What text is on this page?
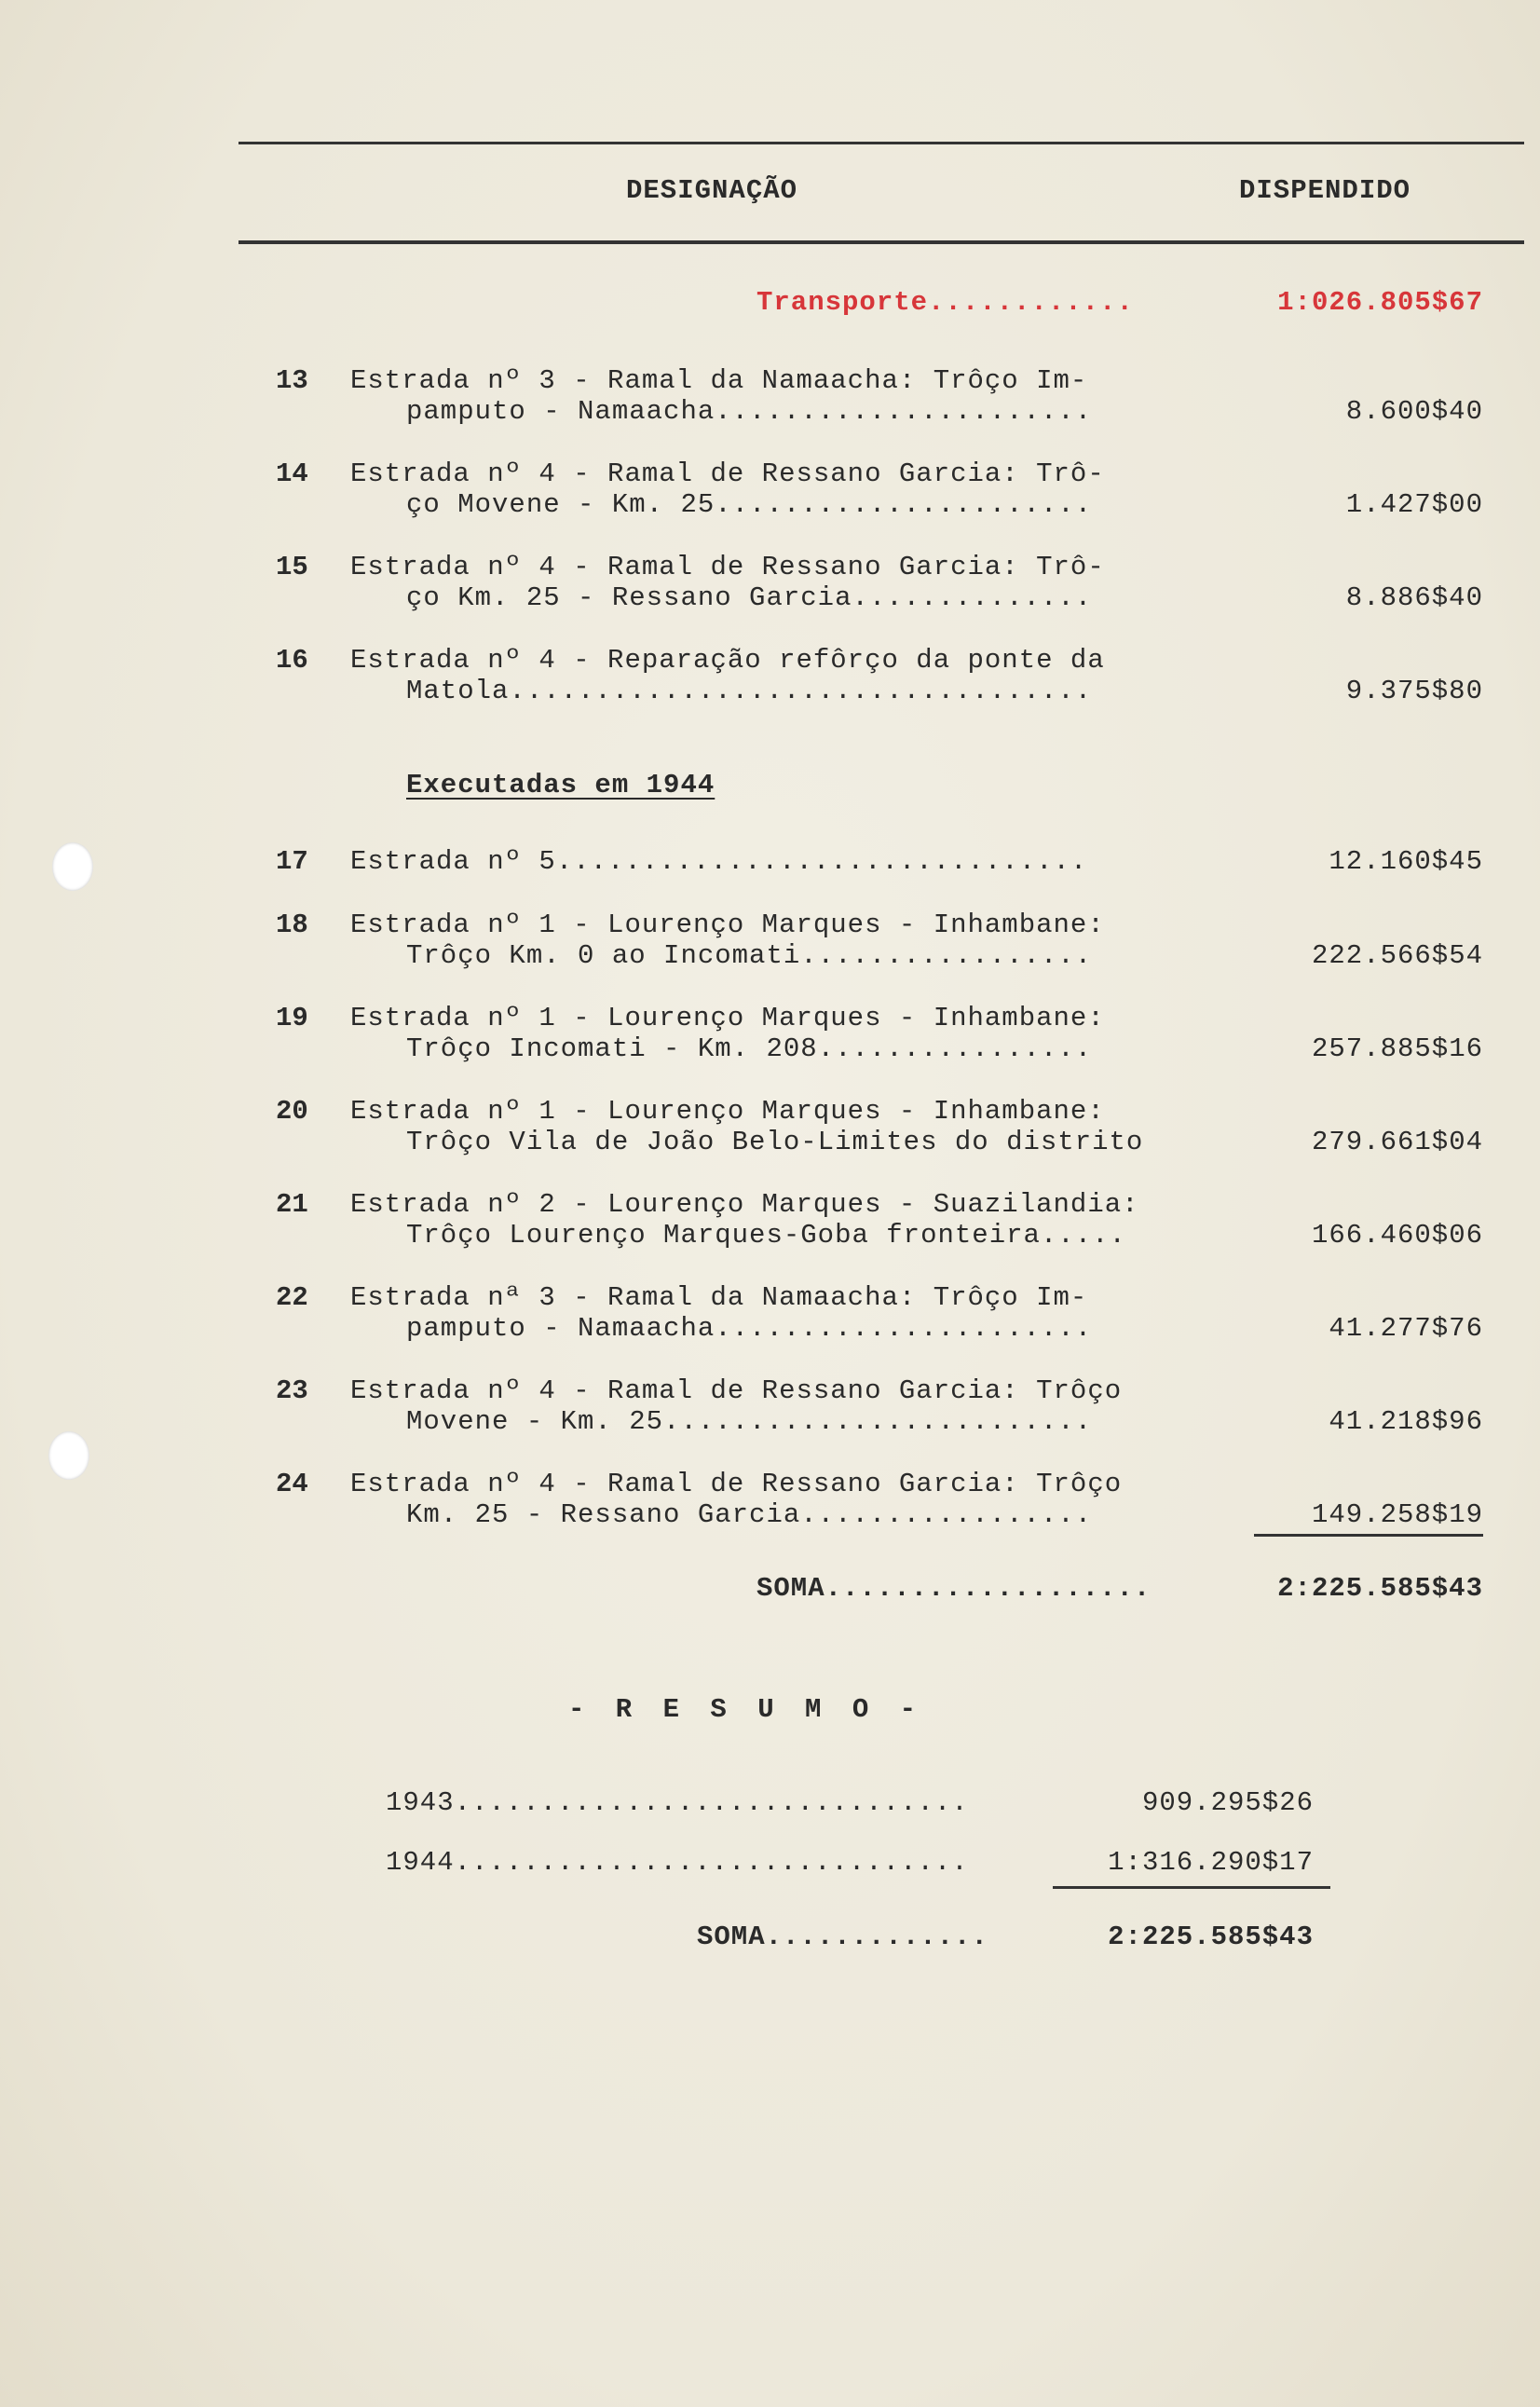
DESIGNAÇÃO	DISPENDIDO
Transporte............	1:026.805$67
13	Estrada nº 3 - Ramal da Namaacha: Trôço Im-
pamputo - Namaacha......................	8.600$40
14	Estrada nº 4 - Ramal de Ressano Garcia: Trô-
ço Movene - Km. 25......................	1.427$00
15	Estrada nº 4 - Ramal de Ressano Garcia: Trô-
ço Km. 25 - Ressano Garcia..............	8.886$40
16	Estrada nº 4 - Reparação refôrço da ponte da
Matola..................................	9.375$80
Executadas em 1944
17	Estrada nº 5...............................	12.160$45
18	Estrada nº 1 - Lourenço Marques - Inhambane:
Trôço Km. 0 ao Incomati.................	222.566$54
19	Estrada nº 1 - Lourenço Marques - Inhambane:
Trôço Incomati - Km. 208................	257.885$16
20	Estrada nº 1 - Lourenço Marques - Inhambane:
Trôço Vila de João Belo-Limites do distrito	279.661$04
21	Estrada nº 2 - Lourenço Marques - Suazilandia:
Trôço Lourenço Marques-Goba fronteira.....	166.460$06
22	Estrada nª 3 - Ramal da Namaacha: Trôço Im-
pamputo - Namaacha......................	41.277$76
23	Estrada nº 4 - Ramal de Ressano Garcia: Trôço
Movene - Km. 25.........................	41.218$96
24	Estrada nº 4 - Ramal de Ressano Garcia: Trôço
Km. 25 - Ressano Garcia.................	149.258$19
SOMA...................	2:225.585$43
- R E S U M O -
1943..............................	909.295$26
1944..............................	1:316.290$17
SOMA.............	2:225.585$43
